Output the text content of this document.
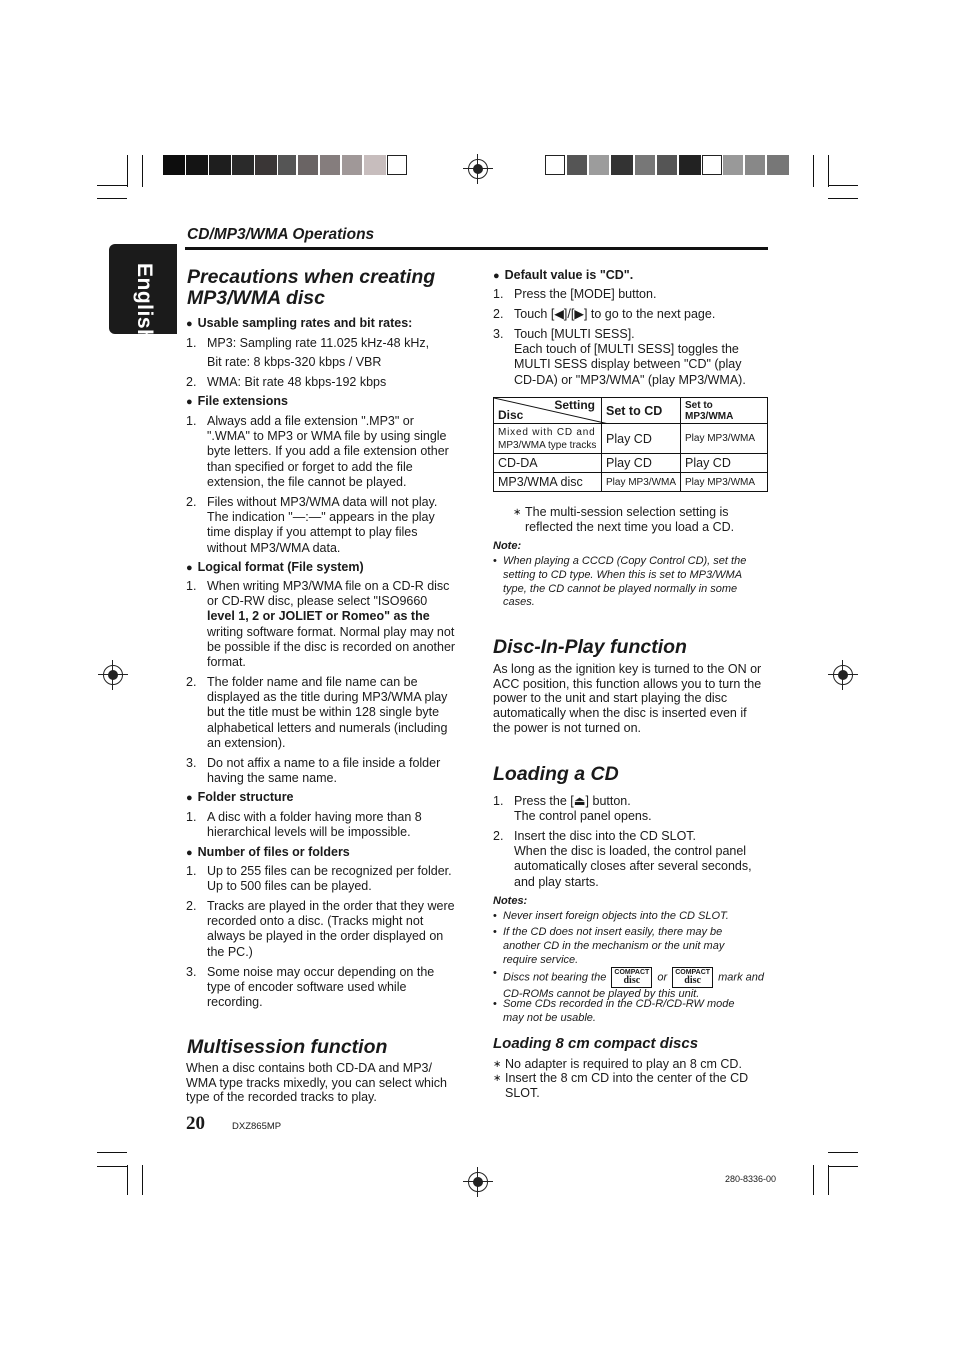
English
CD/MP3/WMA Operations
Precautions when creating
MP3/WMA disc
● Usable sampling rates and bit rates:
1. MP3: Sampling rate 11.025 kHz-48 kHz,
Bit rate: 8 kbps-320 kbps / VBR
2. WMA: Bit rate 48 kbps-192 kbps
● File extensions
1. Always add a file extension ".MP3" or
".WMA" to MP3 or WMA file by using single
byte letters. If you add a file extension other
than specified or forget to add the file
extension, the file cannot be played.
2. Files without MP3/WMA data will not play.
The indication "—:—" appears in the play
time display if you attempt to play files
without MP3/WMA data.
● Logical format (File system)
1. When writing MP3/WMA file on a CD-R disc
or CD-RW disc, please select "ISO9660
level 1, 2 or JOLIET or Romeo" as the
writing software format. Normal play may not
be possible if the disc is recorded on another
format.
2. The folder name and file name can be
displayed as the title during MP3/WMA play
but the title must be within 128 single byte
alphabetical letters and numerals (including
an extension).
3. Do not affix a name to a file inside a folder
having the same name.
● Folder structure
1. A disc with a folder having more than 8
hierarchical levels will be impossible.
● Number of files or folders
1. Up to 255 files can be recognized per folder.
Up to 500 files can be played.
2. Tracks are played in the order that they were
recorded onto a disc. (Tracks might not
always be played in the order displayed on
the PC.)
3. Some noise may occur depending on the
type of encoder software used while
recording.
Multisession function
When a disc contains both CD-DA and MP3/
WMA type tracks mixedly, you can select which
type of the recorded tracks to play.
● Default value is "CD".
1. Press the [MODE] button.
2. Touch [◀]/[▶] to go to the next page.
3. Touch [MULTI SESS].
Each touch of [MULTI SESS] toggles the
MULTI SESS display between "CD" (play
CD-DA) or "MP3/WMA" (play MP3/WMA).
Setting
Disc	Set to CD	Set to MP3/WMA

Mixed with CD and
MP3/WMA type tracks	Play CD	Play MP3/WMA
CD-DA	Play CD	Play CD
MP3/WMA disc	Play MP3/WMA	Play MP3/WMA
∗ The multi-session selection setting is
reflected the next time you load a CD.
Note:
• When playing a CCCD (Copy Control CD), set the
setting to CD type. When this is set to MP3/WMA
type, the CD cannot be played normally in some
cases.
Disc-In-Play function
As long as the ignition key is turned to the ON or
ACC position, this function allows you to turn the
power to the unit and start playing the disc
automatically when the disc is inserted even if
the power is not turned on.
Loading a CD
1. Press the [⏏] button.
The control panel opens.
2. Insert the disc into the CD SLOT.
When the disc is loaded, the control panel
automatically closes after several seconds,
and play starts.
Notes:
• Never insert foreign objects into the CD SLOT.
• If the CD does not insert easily, there may be
another CD in the mechanism or the unit may
require service.
• Discs not bearing the COMPACT
disc or COMPACT
disc mark and
CD-ROMs cannot be played by this unit.
• Some CDs recorded in the CD-R/CD-RW mode
may not be usable.
Loading 8 cm compact discs
∗ No adapter is required to play an 8 cm CD.
∗ Insert the 8 cm CD into the center of the CD
SLOT.
20	DXZ865MP
280-8336-00
